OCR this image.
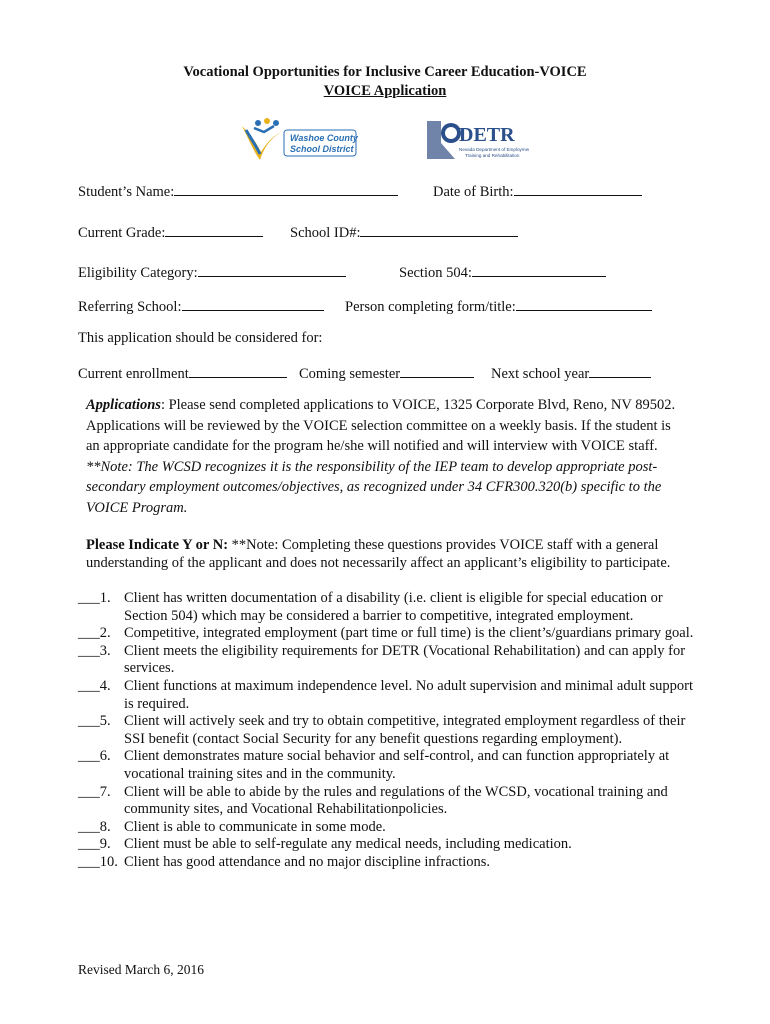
Vocational Opportunities for Inclusive Career Education-VOICE
VOICE Application
Washoe County
School District
DETR
Nevada Department of Employment,
Training and Rehabilitation
Student’s Name:	Date of Birth:
Current Grade:	School ID#:
Eligibility Category:	Section 504:
Referring School:	Person completing form/title:
This application should be considered for:
Current enrollment	Coming semester	Next school year
Applications: Please send completed applications to VOICE, 1325 Corporate Blvd, Reno, NV 89502. Applications will be reviewed by the VOICE selection committee on a weekly basis. If the student is an appropriate candidate for the program he/she will notified and will interview with VOICE staff. **Note: The WCSD recognizes it is the responsibility of the IEP team to develop appropriate post-secondary employment outcomes/objectives, as recognized under 34 CFR300.320(b) specific to the VOICE Program.
Please Indicate Y or N: **Note: Completing these questions provides VOICE staff with a general understanding of the applicant and does not necessarily affect an applicant’s eligibility to participate.
___1. Client has written documentation of a disability (i.e. client is eligible for special education or Section 504) which may be considered a barrier to competitive, integrated employment.
___2. Competitive, integrated employment (part time or full time) is the client’s/guardians primary goal.
___3. Client meets the eligibility requirements for DETR (Vocational Rehabilitation) and can apply for services.
___4. Client functions at maximum independence level. No adult supervision and minimal adult support is required.
___5. Client will actively seek and try to obtain competitive, integrated employment regardless of their SSI benefit (contact Social Security for any benefit questions regarding employment).
___6. Client demonstrates mature social behavior and self-control, and can function appropriately at vocational training sites and in the community.
___7. Client will be able to abide by the rules and regulations of the WCSD, vocational training and community sites, and Vocational Rehabilitationpolicies.
___8. Client is able to communicate in some mode.
___9. Client must be able to self-regulate any medical needs, including medication.
___10. Client has good attendance and no major discipline infractions.
Revised March 6, 2016
